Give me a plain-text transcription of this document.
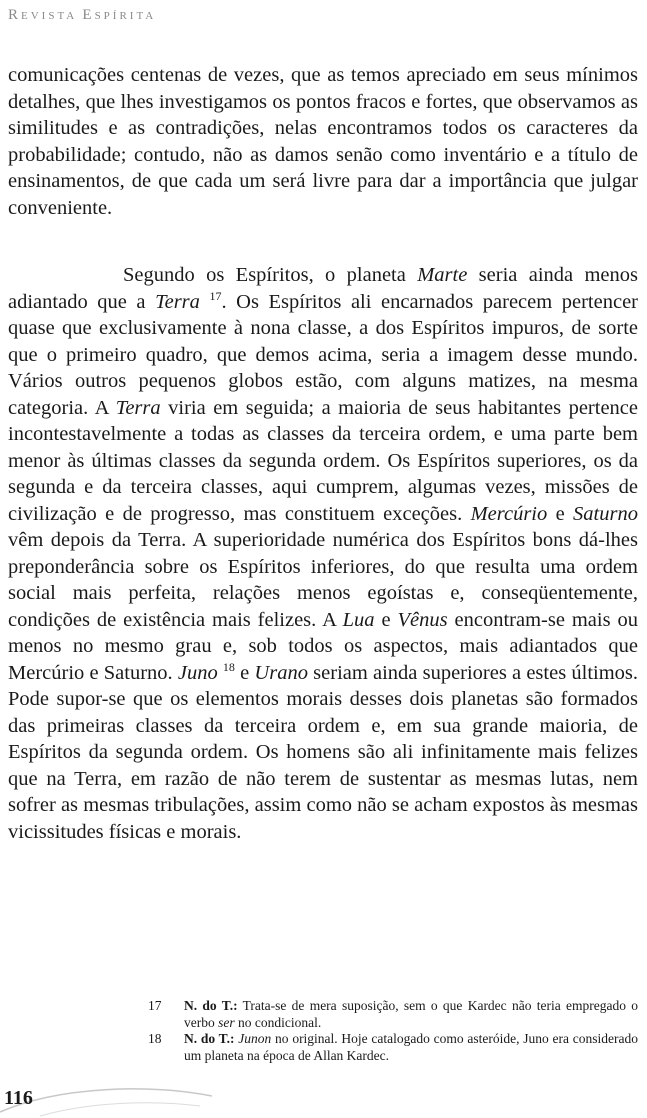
REVISTA ESPÍRITA
comunicações centenas de vezes, que as temos apreciado em seus mínimos detalhes, que lhes investigamos os pontos fracos e fortes, que observamos as similitudes e as contradições, nelas encontramos todos os caracteres da probabilidade; contudo, não as damos senão como inventário e a título de ensinamentos, de que cada um será livre para dar a importância que julgar conveniente.
Segundo os Espíritos, o planeta Marte seria ainda menos adiantado que a Terra $^{17}$. Os Espíritos ali encarnados parecem pertencer quase que exclusivamente à nona classe, a dos Espíritos impuros, de sorte que o primeiro quadro, que demos acima, seria a imagem desse mundo. Vários outros pequenos globos estão, com alguns matizes, na mesma categoria. A Terra viria em seguida; a maioria de seus habitantes pertence incontestavelmente a todas as classes da terceira ordem, e uma parte bem menor às últimas classes da segunda ordem. Os Espíritos superiores, os da segunda e da terceira classes, aqui cumprem, algumas vezes, missões de civilização e de progresso, mas constituem exceções. Mercúrio e Saturno vêm depois da Terra. A superioridade numérica dos Espíritos bons dá-lhes preponderância sobre os Espíritos inferiores, do que resulta uma ordem social mais perfeita, relações menos egoístas e, conseqüentemente, condições de existência mais felizes. A Lua e Vênus encontram-se mais ou menos no mesmo grau e, sob todos os aspectos, mais adiantados que Mercúrio e Saturno. Juno $^{18}$ e Urano seriam ainda superiores a estes últimos. Pode supor-se que os elementos morais desses dois planetas são formados das primeiras classes da terceira ordem e, em sua grande maioria, de Espíritos da segunda ordem. Os homens são ali infinitamente mais felizes que na Terra, em razão de não terem de sustentar as mesmas lutas, nem sofrer as mesmas tribulações, assim como não se acham expostos às mesmas vicissitudes físicas e morais.
17	N. do T.: Trata-se de mera suposição, sem o que Kardec não teria empregado o verbo ser no condicional.
18	N. do T.: Junon no original. Hoje catalogado como asteróide, Juno era considerado um planeta na época de Allan Kardec.
116
